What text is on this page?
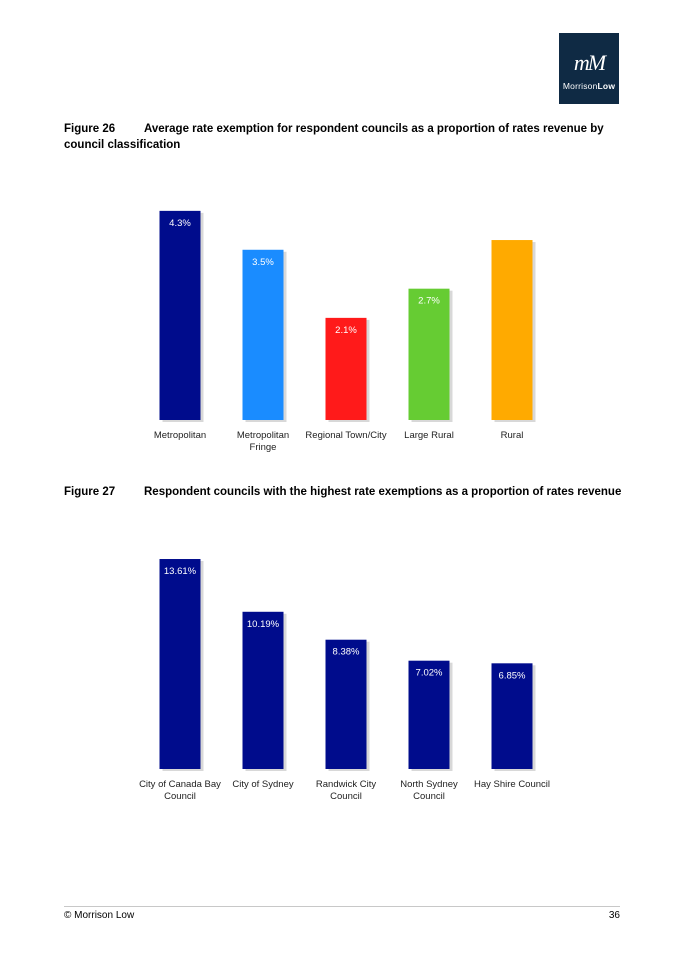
mM
MorrisonLow

Figure 26	Average rate exemption for respondent councils as a proportion of rates revenue by council classification

4.3%
Metropolitan
3.5%
Metropolitan
Fringe
2.1%
Regional Town/City
2.7%
Large Rural
3.7%
Rural

Figure 27	Respondent councils with the highest rate exemptions as a proportion of rates revenue

13.61%
City of Canada Bay
Council
10.19%
City of Sydney
8.38%
Randwick City
Council
7.02%
North Sydney
Council
6.85%
Hay Shire Council
© Morrison Low	36
